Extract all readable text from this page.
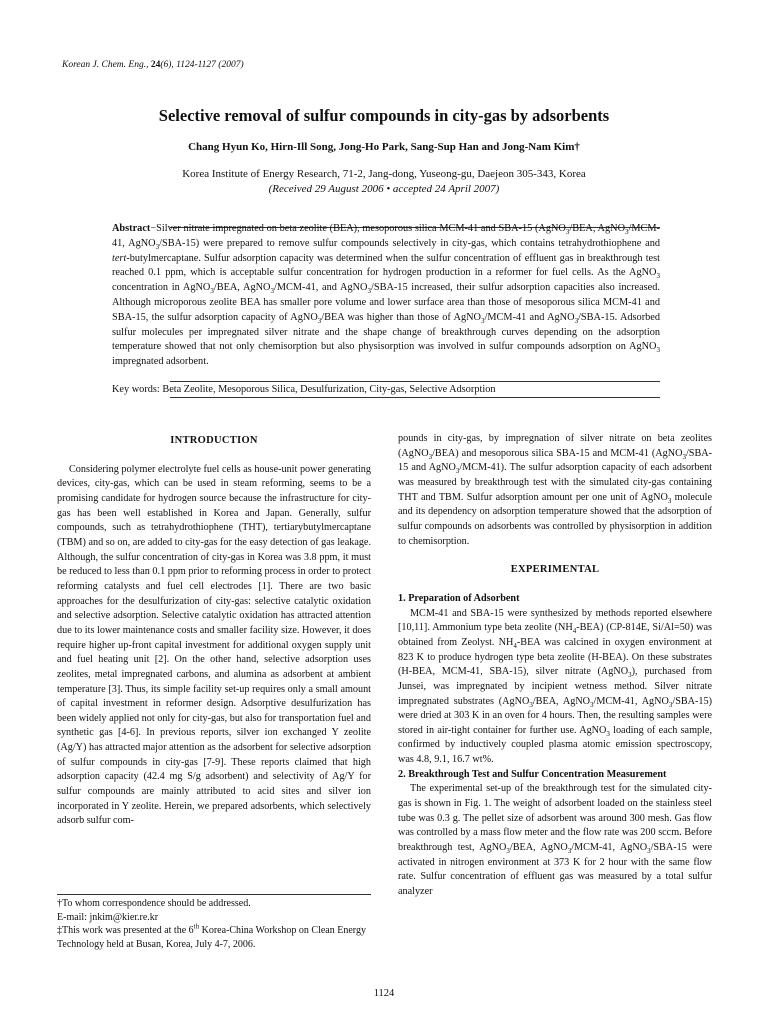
Korean J. Chem. Eng., 24(6), 1124-1127 (2007)
Selective removal of sulfur compounds in city-gas by adsorbents
Chang Hyun Ko, Hirn-Ill Song, Jong-Ho Park, Sang-Sup Han and Jong-Nam Kim†
Korea Institute of Energy Research, 71-2, Jang-dong, Yuseong-gu, Daejeon 305-343, Korea
(Received 29 August 2006 • accepted 24 April 2007)
Abstract−Silver nitrate impregnated on beta zeolite (BEA), mesoporous silica MCM-41 and SBA-15 (AgNO$_3$/BEA, AgNO$_3$/MCM-41, AgNO$_3$/SBA-15) were prepared to remove sulfur compounds selectively in city-gas, which contains tetrahydrothiophene and tert-butylmercaptane. Sulfur adsorption capacity was determined when the sulfur concentration of effluent gas in breakthrough test reached 0.1 ppm, which is acceptable sulfur concentration for hydrogen production in a reformer for fuel cells. As the AgNO$_3$ concentration in AgNO$_3$/BEA, AgNO$_3$/MCM-41, and AgNO$_3$/SBA-15 increased, their sulfur adsorption capacities also increased. Although microporous zeolite BEA has smaller pore volume and lower surface area than those of mesoporous silica MCM-41 and SBA-15, the sulfur adsorption capacity of AgNO$_3$/BEA was higher than those of AgNO$_3$/MCM-41 and AgNO$_3$/SBA-15. Adsorbed sulfur molecules per impregnated silver nitrate and the shape change of breakthrough curves depending on the adsorption temperature showed that not only chemisorption but also physisorption was involved in sulfur compounds adsorption on AgNO$_3$ impregnated adsorbent.
Key words: Beta Zeolite, Mesoporous Silica, Desulfurization, City-gas, Selective Adsorption
INTRODUCTION

Considering polymer electrolyte fuel cells as house-unit power generating devices, city-gas, which can be used in steam reforming, seems to be a promising candidate for hydrogen source because the infrastructure for city-gas has been well established in Korea and Japan. Generally, sulfur compounds, such as tetrahydrothiophene (THT), tertiarybutylmercaptane (TBM) and so on, are added to city-gas for the easy detection of gas leakage. Although, the sulfur concentration of city-gas in Korea was 3.8 ppm, it must be reduced to less than 0.1 ppm prior to reforming process in order to protect reforming catalysts and fuel cell electrodes [1]. There are two basic approaches for the desulfurization of city-gas: selective catalytic oxidation and selective adsorption. Selective catalytic oxidation has attracted attention due to its lower maintenance costs and smaller facility size. However, it does require higher up-front capital investment for additional oxygen supply unit and fuel heating unit [2]. On the other hand, selective adsorption uses zeolites, metal impregnated carbons, and alumina as adsorbent at ambient temperature [3]. Thus, its simple facility set-up requires only a small amount of capital investment in reformer design. Adsorptive desulfurization has been widely applied not only for city-gas, but also for transportation fuel and synthetic gas [4-6]. In previous reports, silver ion exchanged Y zeolite (Ag/Y) has attracted major attention as the adsorbent for selective adsorption of sulfur compounds in city-gas [7-9]. These reports claimed that high adsorption capacity (42.4 mg S/g adsorbent) and selectivity of Ag/Y for sulfur compounds are mainly attributed to acid sites and silver ion incorporated in Y zeolite. Herein, we prepared adsorbents, which selectively adsorb sulfur com-

pounds in city-gas, by impregnation of silver nitrate on beta zeolites (AgNO$_3$/BEA) and mesoporous silica SBA-15 and MCM-41 (AgNO$_3$/SBA-15 and AgNO$_3$/MCM-41). The sulfur adsorption capacity of each adsorbent was measured by breakthrough test with the simulated city-gas containing THT and TBM. Sulfur adsorption amount per one unit of AgNO$_3$ molecule and its dependency on adsorption temperature showed that the adsorption of sulfur compounds on adsorbents was controlled by physisorption in addition to chemisorption.

EXPERIMENTAL
1. Preparation of Adsorbent

MCM-41 and SBA-15 were synthesized by methods reported elsewhere [10,11]. Ammonium type beta zeolite $(NH_4-BEA)$ (CP-814E, Si/Al=50) was obtained from Zeolyst. $NH_4$-BEA was calcined in oxygen environment at 823 K to produce hydrogen type beta zeolite (H-BEA). On these substrates (H-BEA, MCM-41, SBA-15), silver nitrate (AgNO$_3$), purchased from Junsei, was impregnated by incipient wetness method. Silver nitrate impregnated substrates (AgNO$_3$/BEA, AgNO$_3$/MCM-41, AgNO$_3$/SBA-15) were dried at 303 K in an oven for 4 hours. Then, the resulting samples were stored in air-tight container for further use. AgNO$_3$ loading of each sample, confirmed by inductively coupled plasma atomic emission spectroscopy, was 4.8, 9.1, 16.7 wt%.

2. Breakthrough Test and Sulfur Concentration Measurement

The experimental set-up of the breakthrough test for the simulated city-gas is shown in Fig. 1. The weight of adsorbent loaded on the stainless steel tube was 0.3 g. The pellet size of adsorbent was around 300 mesh. Gas flow was controlled by a mass flow meter and the flow rate was 200 sccm. Before breakthrough test, AgNO$_3$/BEA, AgNO$_3$/MCM-41, AgNO$_3$/SBA-15 were activated in nitrogen environment at 373 K for 2 hour with the same flow rate. Sulfur concentration of effluent gas was measured by a total sulfur analyzer

†To whom correspondence should be addressed.
E-mail: jnkim@kier.re.kr
‡This work was presented at the 6th Korea-China Workshop on Clean Energy Technology held at Busan, Korea, July 4-7, 2006.
1124
